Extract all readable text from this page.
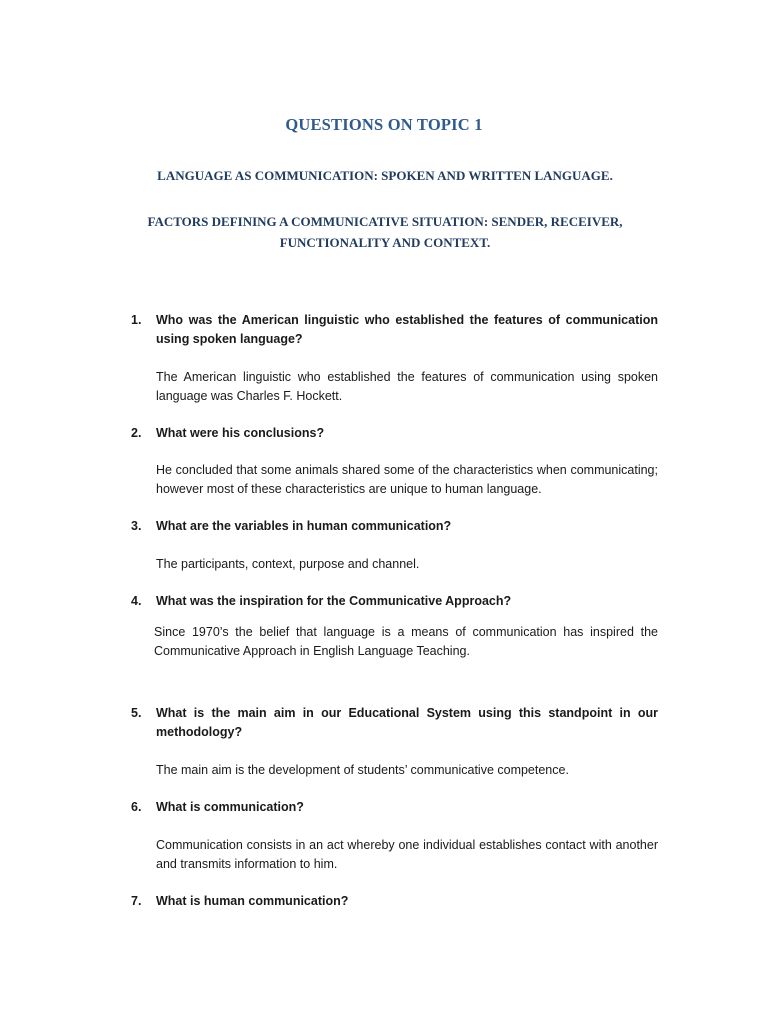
QUESTIONS ON TOPIC 1
LANGUAGE AS COMMUNICATION: SPOKEN AND WRITTEN LANGUAGE.
FACTORS DEFINING A COMMUNICATIVE SITUATION: SENDER, RECEIVER, FUNCTIONALITY AND CONTEXT.
1.	Who was the American linguistic who established the features of communication using spoken language?
The American linguistic who established the features of communication using spoken language was Charles F. Hockett.
2.	What were his conclusions?
He concluded that some animals shared some of the characteristics when communicating; however most of these characteristics are unique to human language.
3.	What are the variables in human communication?
The participants, context, purpose and channel.
4.	What was the inspiration for the Communicative Approach?
Since 1970’s the belief that language is a means of communication has inspired the Communicative Approach in English Language Teaching.
5.	What is the main aim in our Educational System using this standpoint in our methodology?
The main aim is the development of students’ communicative competence.
6.	What is communication?
Communication consists in an act whereby one individual establishes contact with another and transmits information to him.
7.	What is human communication?
